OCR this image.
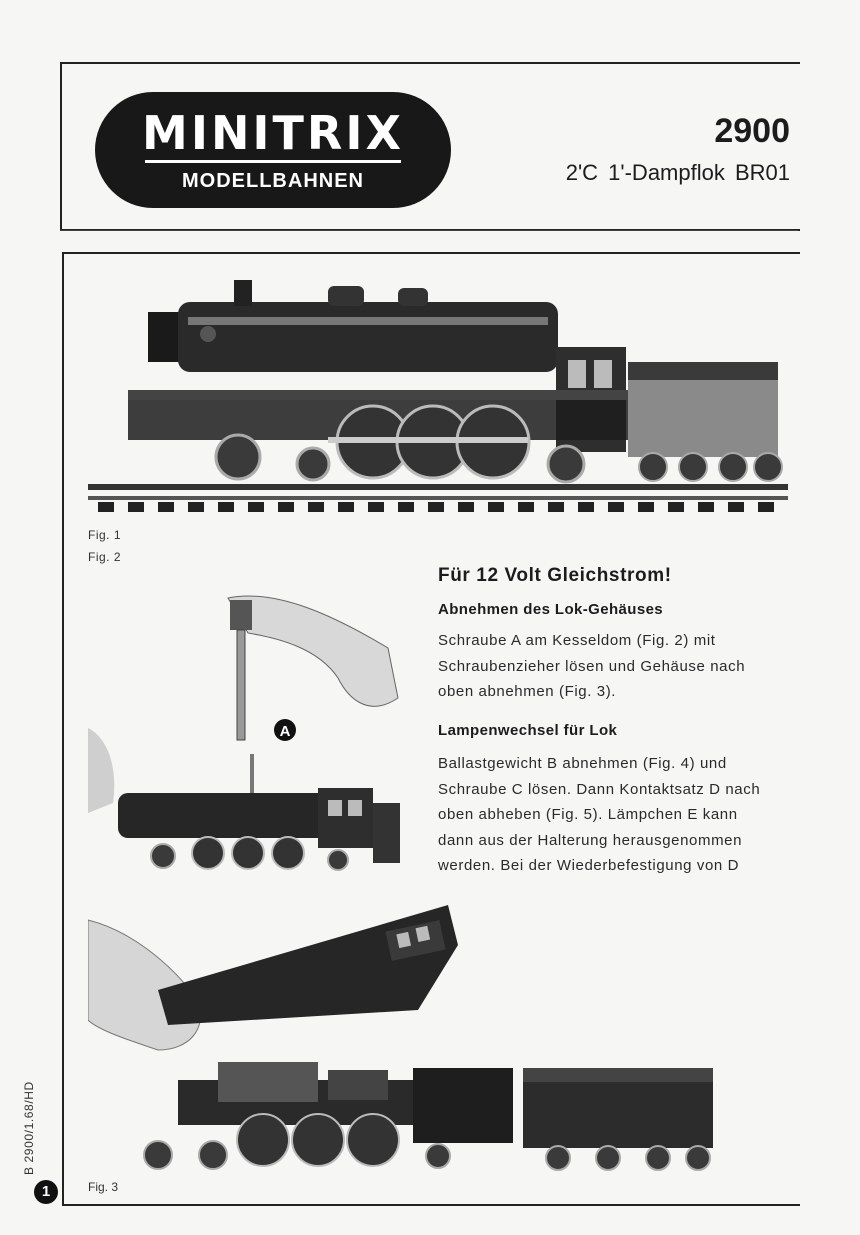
MINITRIX
MODELLBAHNEN
2900
2'C 1'-Dampflok BR01
Fig. 1
Fig. 2
A
Für 12 Volt Gleichstrom!
Abnehmen des Lok-Gehäuses
Schraube A am Kesseldom (Fig. 2) mit
Schraubenzieher lösen und Gehäuse nach
oben abnehmen (Fig. 3).
Lampenwechsel für Lok
Ballastgewicht B abnehmen (Fig. 4) und
Schraube C lösen. Dann Kontaktsatz D nach
oben abheben (Fig. 5). Lämpchen E kann
dann aus der Halterung herausgenommen
werden. Bei der Wiederbefestigung von D
B 2900/1.68/HD
1	Fig. 3
